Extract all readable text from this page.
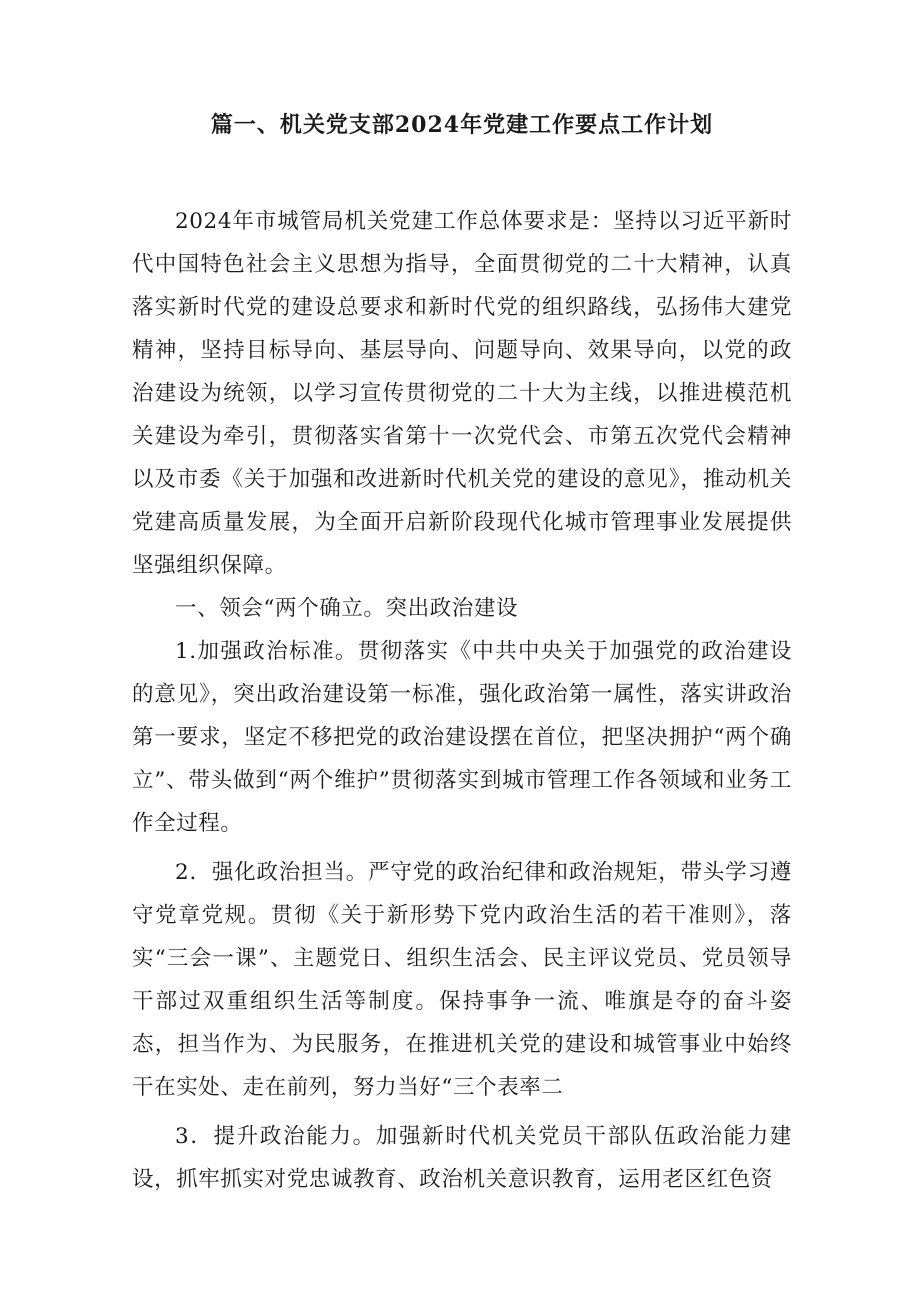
篇一、机关党支部2024年党建工作要点工作计划

2024年市城管局机关党建工作总体要求是：坚持以习近平新时代中国特色社会主义思想为指导，全面贯彻党的二十大精神，认真落实新时代党的建设总要求和新时代党的组织路线，弘扬伟大建党精神，坚持目标导向、基层导向、问题导向、效果导向，以党的政治建设为统领，以学习宣传贯彻党的二十大为主线，以推进模范机关建设为牵引，贯彻落实省第十一次党代会、市第五次党代会精神以及市委《关于加强和改进新时代机关党的建设的意见》，推动机关党建高质量发展，为全面开启新阶段现代化城市管理事业发展提供坚强组织保障。

一、领会“两个确立。突出政治建设

1.加强政治标准。贯彻落实《中共中央关于加强党的政治建设的意见》，突出政治建设第一标准，强化政治第一属性，落实讲政治第一要求，坚定不移把党的政治建设摆在首位，把坚决拥护“两个确立”、带头做到“两个维护”贯彻落实到城市管理工作各领域和业务工作全过程。

2．强化政治担当。严守党的政治纪律和政治规矩，带头学习遵守党章党规。贯彻《关于新形势下党内政治生活的若干准则》，落实“三会一课”、主题党日、组织生活会、民主评议党员、党员领导干部过双重组织生活等制度。保持事争一流、唯旗是夺的奋斗姿态，担当作为、为民服务，在推进机关党的建设和城管事业中始终干在实处、走在前列，努力当好“三个表率二

3．提升政治能力。加强新时代机关党员干部队伍政治能力建设，抓牢抓实对党忠诚教育、政治机关意识教育，运用老区红色资
